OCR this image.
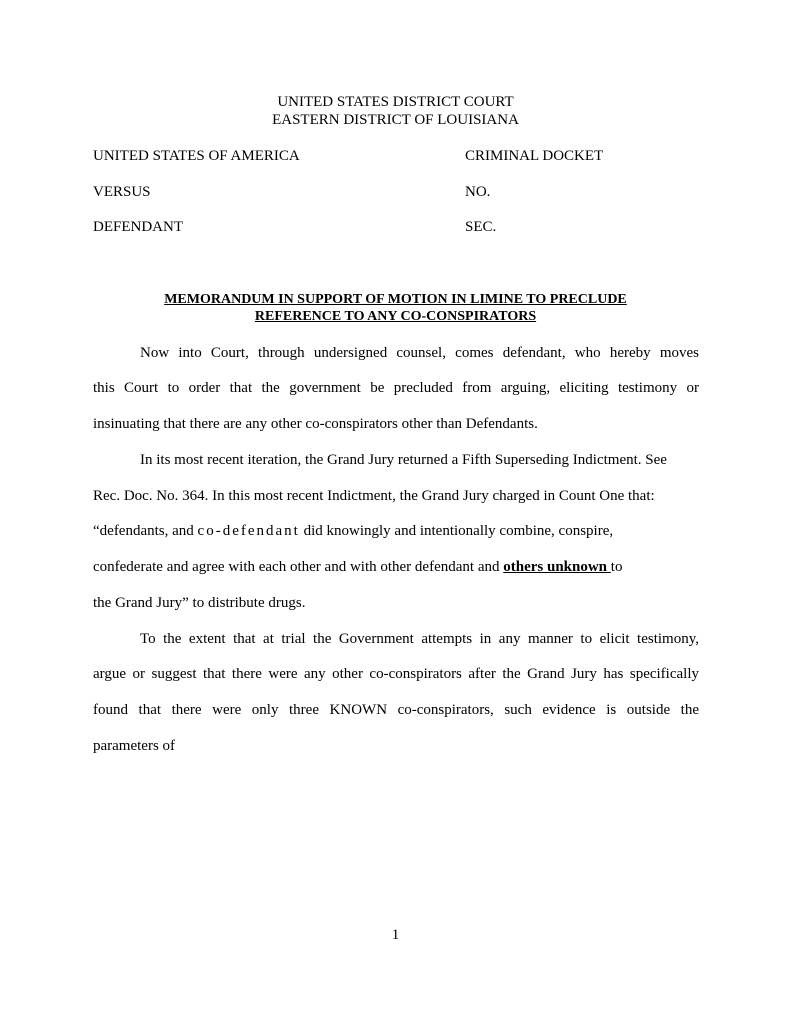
UNITED STATES DISTRICT COURT
EASTERN DISTRICT OF LOUISIANA
UNITED STATES OF AMERICA
VERSUS
DEFENDANT
CRIMINAL DOCKET
NO.
SEC.
MEMORANDUM IN SUPPORT OF MOTION IN LIMINE TO PRECLUDE
REFERENCE TO ANY CO-CONSPIRATORS
Now into Court, through undersigned counsel, comes defendant, who hereby moves
this Court to order that the government be precluded from arguing, eliciting testimony or
insinuating that there are any other co-conspirators other than Defendants.
In its most recent iteration, the Grand Jury returned a Fifth Superseding Indictment. See
Rec. Doc. No. 364. In this most recent Indictment, the Grand Jury charged in Count One that:
“defendants, and co-defendant did knowingly and intentionally combine, conspire,
confederate and agree with each other and with other defendant and others unknown to
the Grand Jury” to distribute drugs.
To the extent that at trial the Government attempts in any manner to elicit testimony,
argue or suggest that there were any other co-conspirators after the Grand Jury has specifically
found that there were only three KNOWN co-conspirators, such evidence is outside the
parameters of
1
